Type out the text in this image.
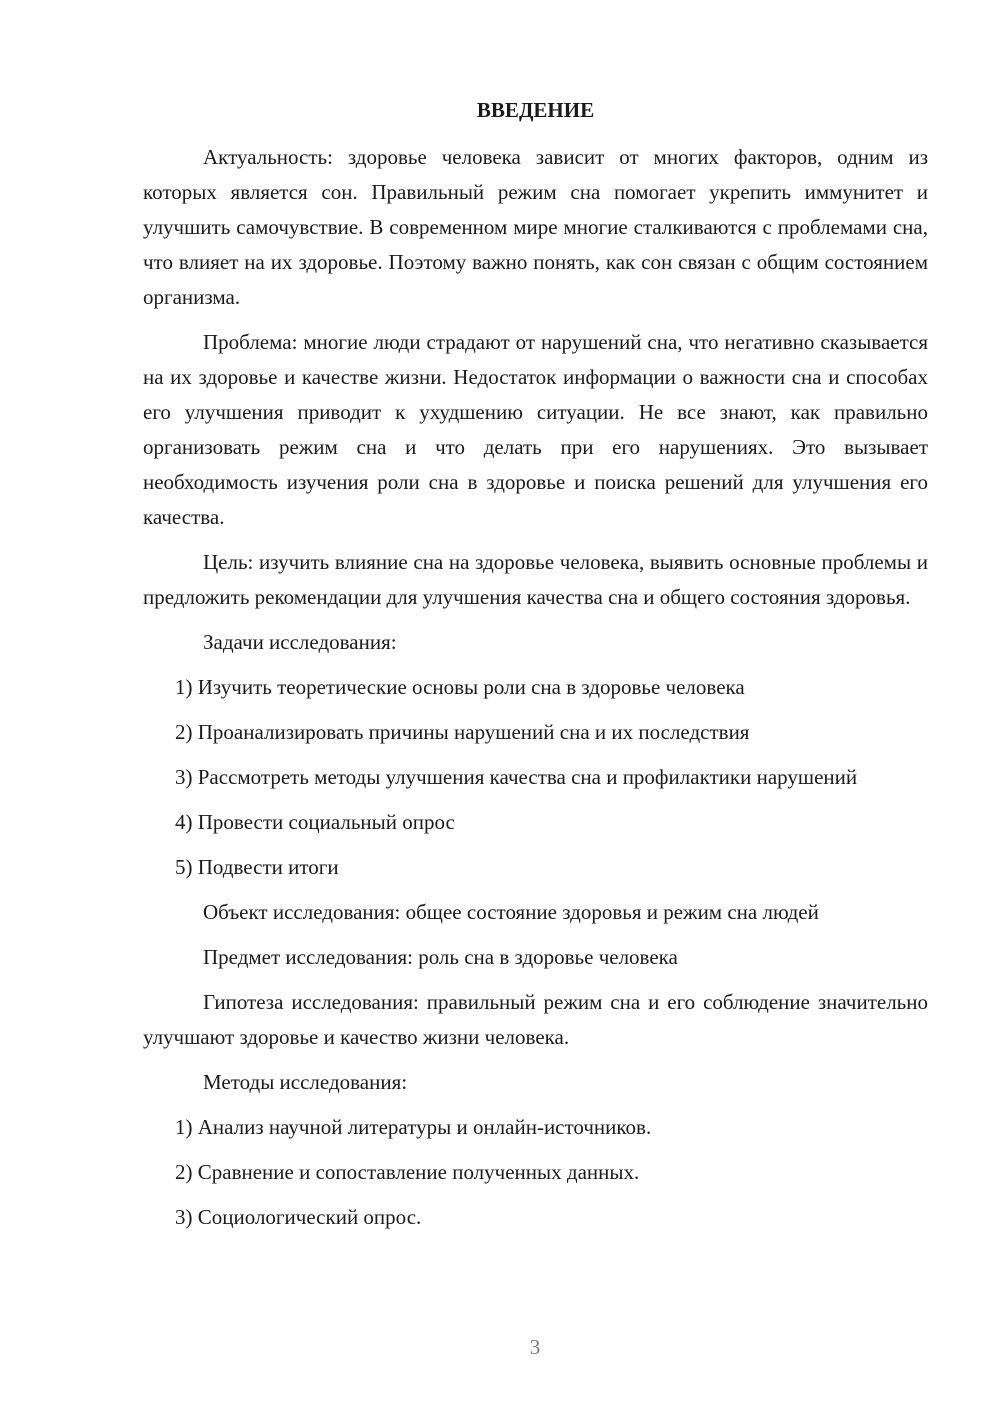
ВВЕДЕНИЕ

Актуальность: здоровье человека зависит от многих факторов, одним из которых является сон. Правильный режим сна помогает укрепить иммунитет и улучшить самочувствие. В современном мире многие сталкиваются с проблемами сна, что влияет на их здоровье. Поэтому важно понять, как сон связан с общим состоянием организма.

Проблема: многие люди страдают от нарушений сна, что негативно сказывается на их здоровье и качестве жизни. Недостаток информации о важности сна и способах его улучшения приводит к ухудшению ситуации. Не все знают, как правильно организовать режим сна и что делать при его нарушениях. Это вызывает необходимость изучения роли сна в здоровье и поиска решений для улучшения его качества.

Цель: изучить влияние сна на здоровье человека, выявить основные проблемы и предложить рекомендации для улучшения качества сна и общего состояния здоровья.

Задачи исследования:

1) Изучить теоретические основы роли сна в здоровье человека

2) Проанализировать причины нарушений сна и их последствия

3) Рассмотреть методы улучшения качества сна и профилактики нарушений

4) Провести социальный опрос

5) Подвести итоги

Объект исследования: общее состояние здоровья и режим сна людей

Предмет исследования: роль сна в здоровье человека

Гипотеза исследования: правильный режим сна и его соблюдение значительно улучшают здоровье и качество жизни человека.

Методы исследования:

1) Анализ научной литературы и онлайн-источников.

2) Сравнение и сопоставление полученных данных.

3) Социологический опрос.

3
